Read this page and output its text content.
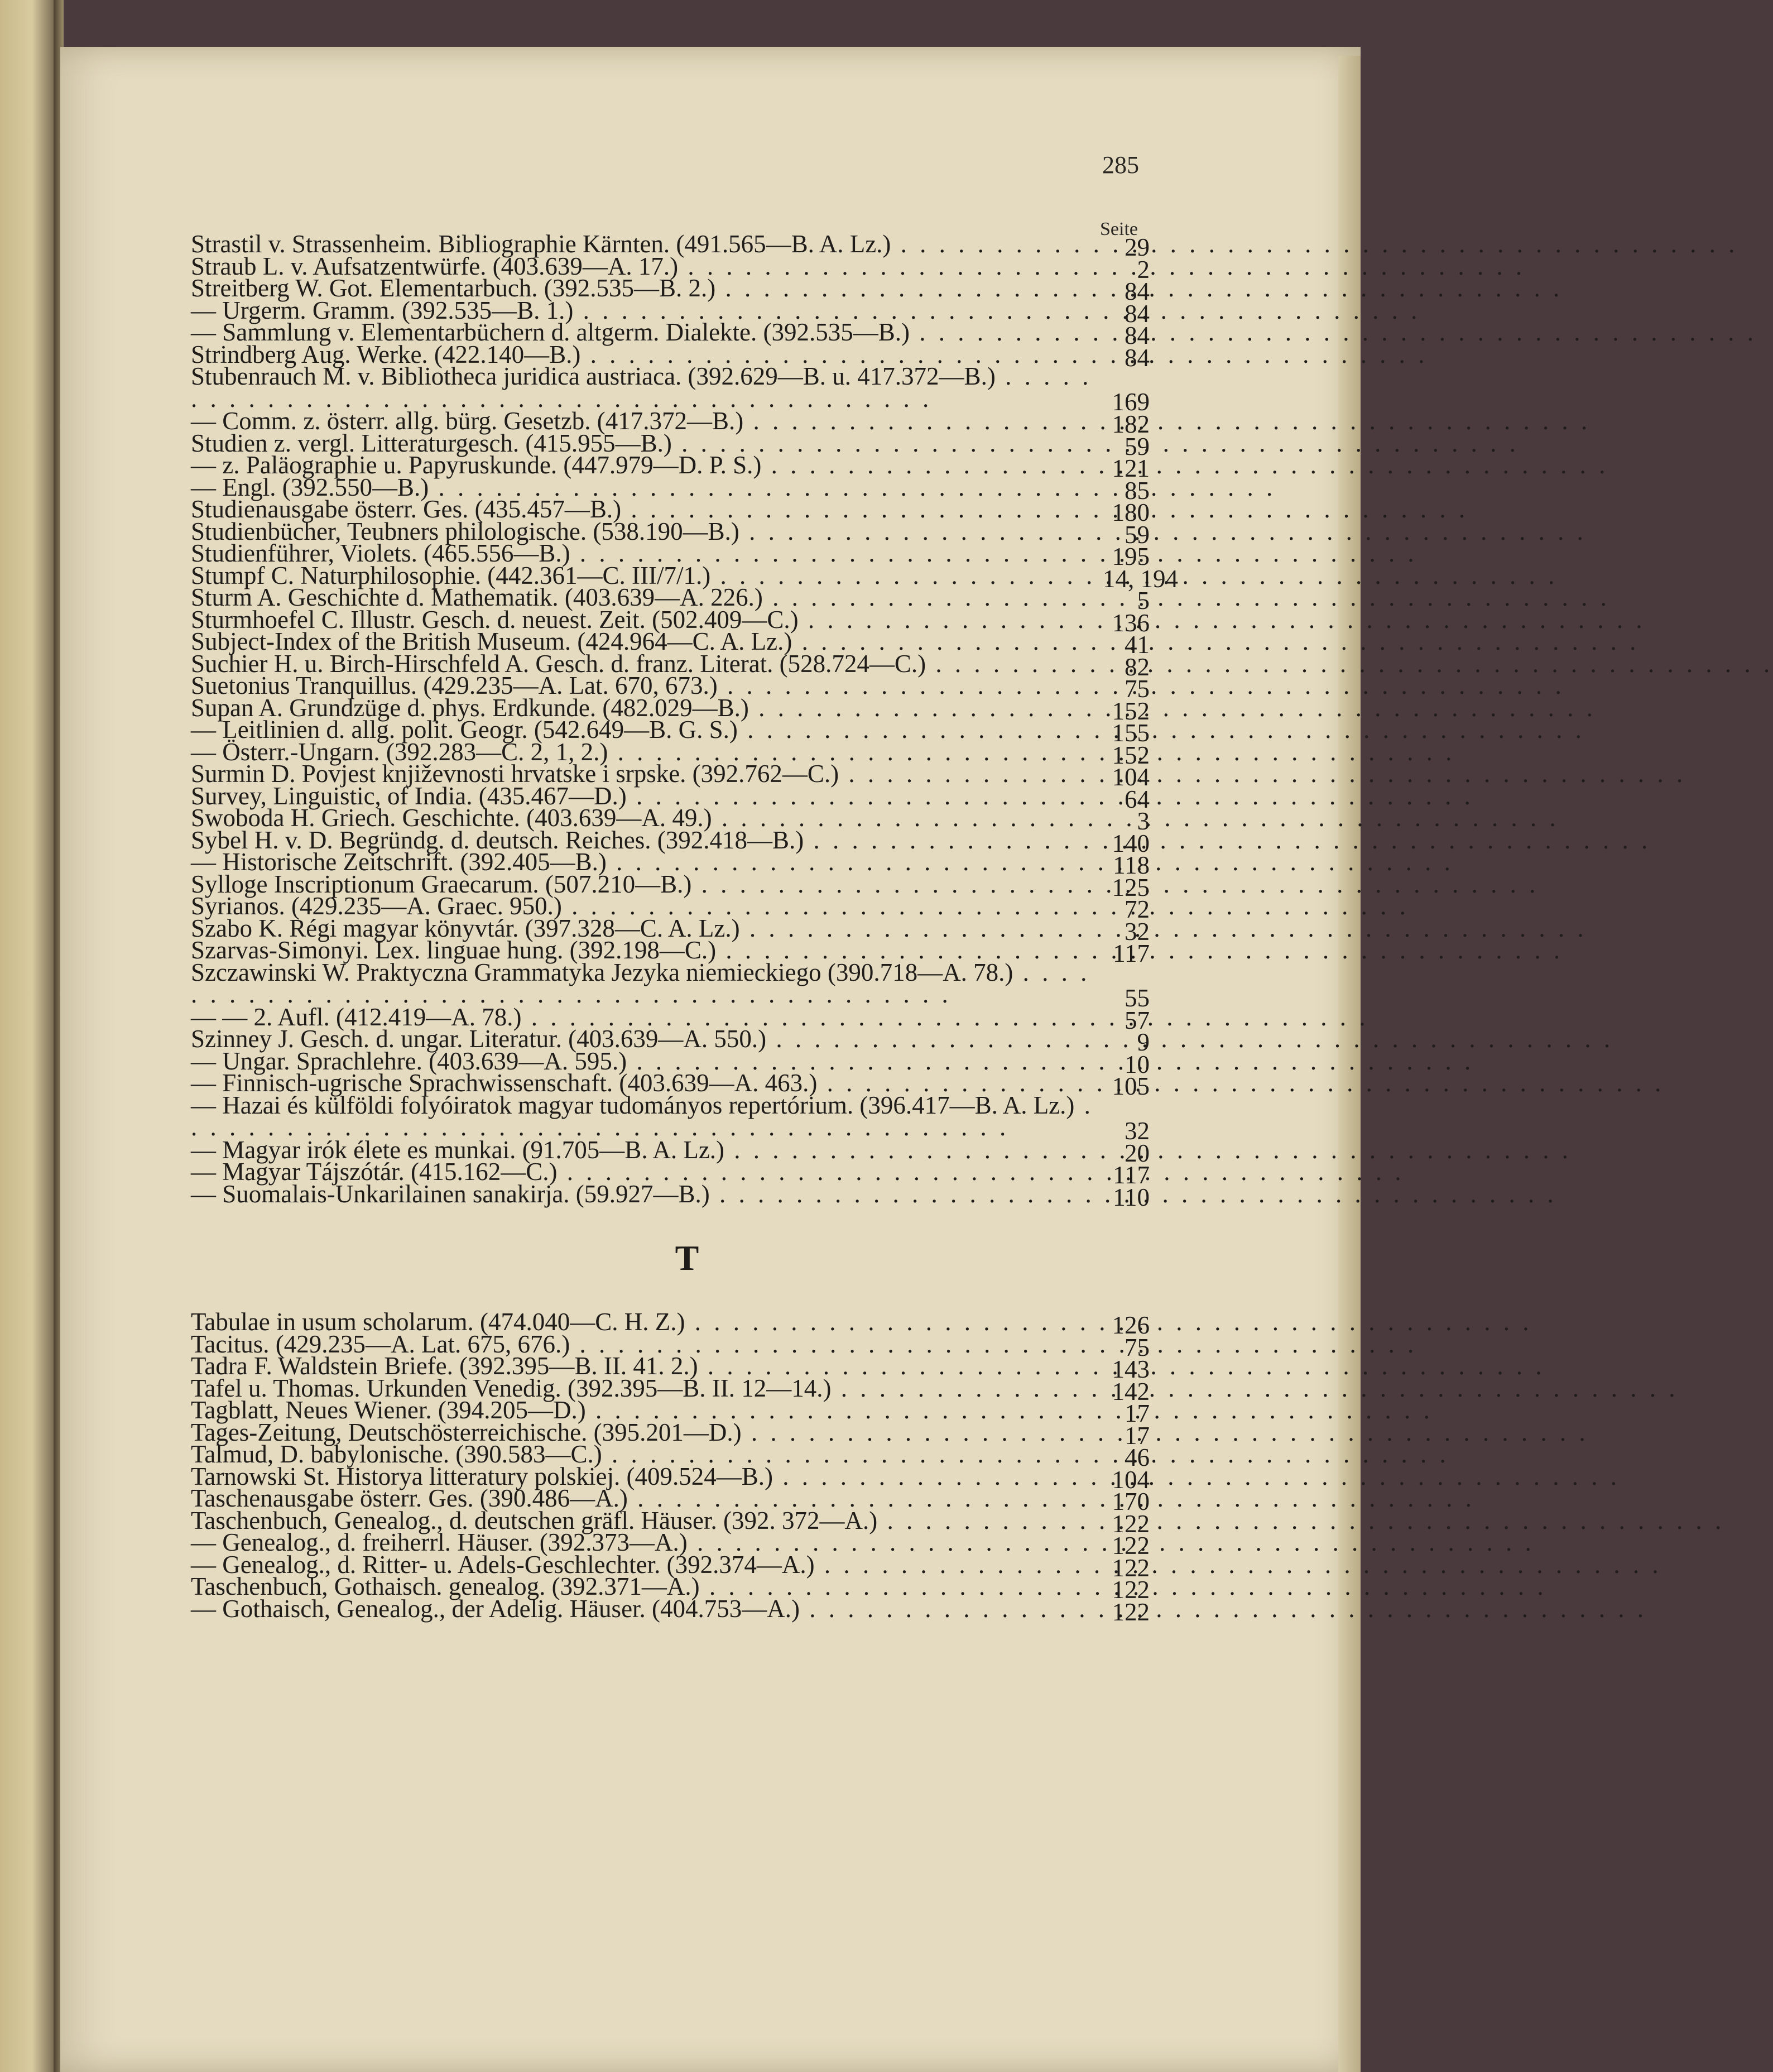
285
Seite
Strastil v. Strassenheim. Bibliographie Kärnten. (491.565—B. A. Lz.) . . .	29
Straub L. v. Aufsatzentwürfe. (403.639—A. 17.) . . .	2
Streitberg W. Got. Elementarbuch. (392.535—B. 2.) . . .	84
— Urgerm. Gramm. (392.535—B. 1.) . . .	84
— Sammlung v. Elementarbüchern d. altgerm. Dialekte. (392.535—B.) . . .	84
Strindberg Aug. Werke. (422.140—B.) . . .	84
Stubenrauch M. v. Bibliotheca juridica austriaca. (392.629—B. u. 417.372—B.) . . .
169
— Comm. z. österr. allg. bürg. Gesetzb. (417.372—B.) . . .	182
Studien z. vergl. Litteraturgesch. (415.955—B.) . . .	59
— z. Paläographie u. Papyruskunde. (447.979—D. P. S.) . . .	121
— Engl. (392.550—B.) . . .	85
Studienausgabe österr. Ges. (435.457—B.) . . .	180
Studienbücher, Teubners philologische. (538.190—B.) . . .	59
Studienführer, Violets. (465.556—B.) . . .	195
Stumpf C. Naturphilosophie. (442.361—C. III/7/1.) . . .	14, 194
Sturm A. Geschichte d. Mathematik. (403.639—A. 226.) . . .	5
Sturmhoefel C. Illustr. Gesch. d. neuest. Zeit. (502.409—C.) . . .	136
Subject-Index of the British Museum. (424.964—C. A. Lz.) . . .	41
Suchier H. u. Birch-Hirschfeld A. Gesch. d. franz. Literat. (528.724—C.) . . .	82
Suetonius Tranquillus. (429.235—A. Lat. 670, 673.) . . .	75
Supan A. Grundzüge d. phys. Erdkunde. (482.029—B.) . . .	152
— Leitlinien d. allg. polit. Geogr. (542.649—B. G. S.) . . .	155
— Österr.-Ungarn. (392.283—C. 2, 1, 2.) . . .	152
Surmin D. Povjest književnosti hrvatske i srpske. (392.762—C.) . . .	104
Survey, Linguistic, of India. (435.467—D.) . . .	64
Swoboda H. Griech. Geschichte. (403.639—A. 49.) . . .	3
Sybel H. v. D. Begründg. d. deutsch. Reiches. (392.418—B.) . . .	140
— Historische Zeitschrift. (392.405—B.) . . .	118
Sylloge Inscriptionum Graecarum. (507.210—B.) . . .	125
Syrianos. (429.235—A. Graec. 950.) . . .	72
Szabo K. Régi magyar könyvtár. (397.328—C. A. Lz.) . . .	32
Szarvas-Simonyi. Lex. linguae hung. (392.198—C.) . . .	117
Szczawinski W. Praktyczna Grammatyka Jezyka niemieckiego (390.718—A. 78.) . . .
55
— — 2. Aufl. (412.419—A. 78.) . . .	57
Szinney J. Gesch. d. ungar. Literatur. (403.639—A. 550.) . . .	9
— Ungar. Sprachlehre. (403.639—A. 595.) . . .	10
— Finnisch-ugrische Sprachwissenschaft. (403.639—A. 463.) . . .	105
— Hazai és külföldi folyóiratok magyar tudományos repertórium. (396.417—B. A. Lz.) . . .
32
— Magyar irók élete es munkai. (91.705—B. A. Lz.) . . .	20
— Magyar Tájszótár. (415.162—C.) . . .	117
— Suomalais-Unkarilainen sanakirja. (59.927—B.) . . .	110
T
Tabulae in usum scholarum. (474.040—C. H. Z.) . . .	126
Tacitus. (429.235—A. Lat. 675, 676.) . . .	75
Tadra F. Waldstein Briefe. (392.395—B. II. 41. 2.) . . .	143
Tafel u. Thomas. Urkunden Venedig. (392.395—B. II. 12—14.) . . .	142
Tagblatt, Neues Wiener. (394.205—D.) . . .	17
Tages-Zeitung, Deutschösterreichische. (395.201—D.) . . .	17
Talmud, D. babylonische. (390.583—C.) . . .	46
Tarnowski St. Historya litteratury polskiej. (409.524—B.) . . .	104
Taschenausgabe österr. Ges. (390.486—A.) . . .	170
Taschenbuch, Genealog., d. deutschen gräfl. Häuser. (392. 372—A.) . . .	122
— Genealog., d. freiherrl. Häuser. (392.373—A.) . . .	122
— Genealog., d. Ritter- u. Adels-Geschlechter. (392.374—A.) . . .	122
Taschenbuch, Gothaisch. genealog. (392.371—A.) . . .	122
— Gothaisch, Genealog., der Adelig. Häuser. (404.753—A.) . . .	122
